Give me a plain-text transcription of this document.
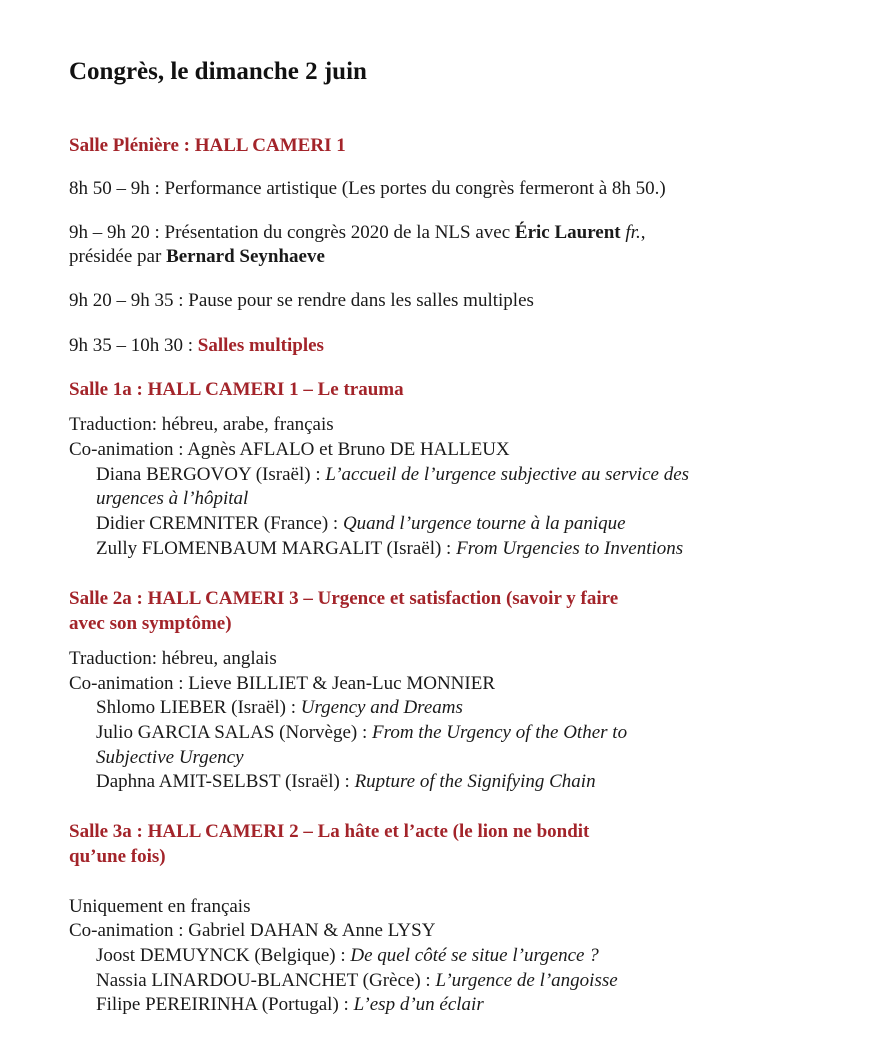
Congrès, le dimanche 2 juin
Salle Plénière : HALL CAMERI 1
8h 50 – 9h : Performance artistique (Les portes du congrès fermeront à 8h 50.)
9h – 9h 20 : Présentation du congrès 2020 de la NLS avec Éric Laurent fr.,
présidée par Bernard Seynhaeve
9h 20 – 9h 35 : Pause pour se rendre dans les salles multiples
9h 35 – 10h 30 : Salles multiples
Salle 1a : HALL CAMERI 1 – Le trauma
Traduction: hébreu, arabe, français
Co-animation : Agnès AFLALO et Bruno DE HALLEUX
Diana BERGOVOY (Israël) : L’accueil de l’urgence subjective au service des
urgences à l’hôpital
Didier CREMNITER (France) : Quand l’urgence tourne à la panique
Zully FLOMENBAUM MARGALIT (Israël) : From Urgencies to Inventions
Salle 2a : HALL CAMERI 3 – Urgence et satisfaction (savoir y faire
avec son symptôme)
Traduction: hébreu, anglais
Co-animation : Lieve BILLIET & Jean-Luc MONNIER
Shlomo LIEBER (Israël) : Urgency and Dreams
Julio GARCIA SALAS (Norvège) : From the Urgency of the Other to
Subjective Urgency
Daphna AMIT-SELBST (Israël) : Rupture of the Signifying Chain
Salle 3a : HALL CAMERI 2 – La hâte et l’acte (le lion ne bondit
qu’une fois)
Uniquement en français
Co-animation : Gabriel DAHAN & Anne LYSY
Joost DEMUYNCK (Belgique) : De quel côté se situe l’urgence ?
Nassia LINARDOU-BLANCHET (Grèce) : L’urgence de l’angoisse
Filipe PEREIRINHA (Portugal) : L’esp d’un éclair
